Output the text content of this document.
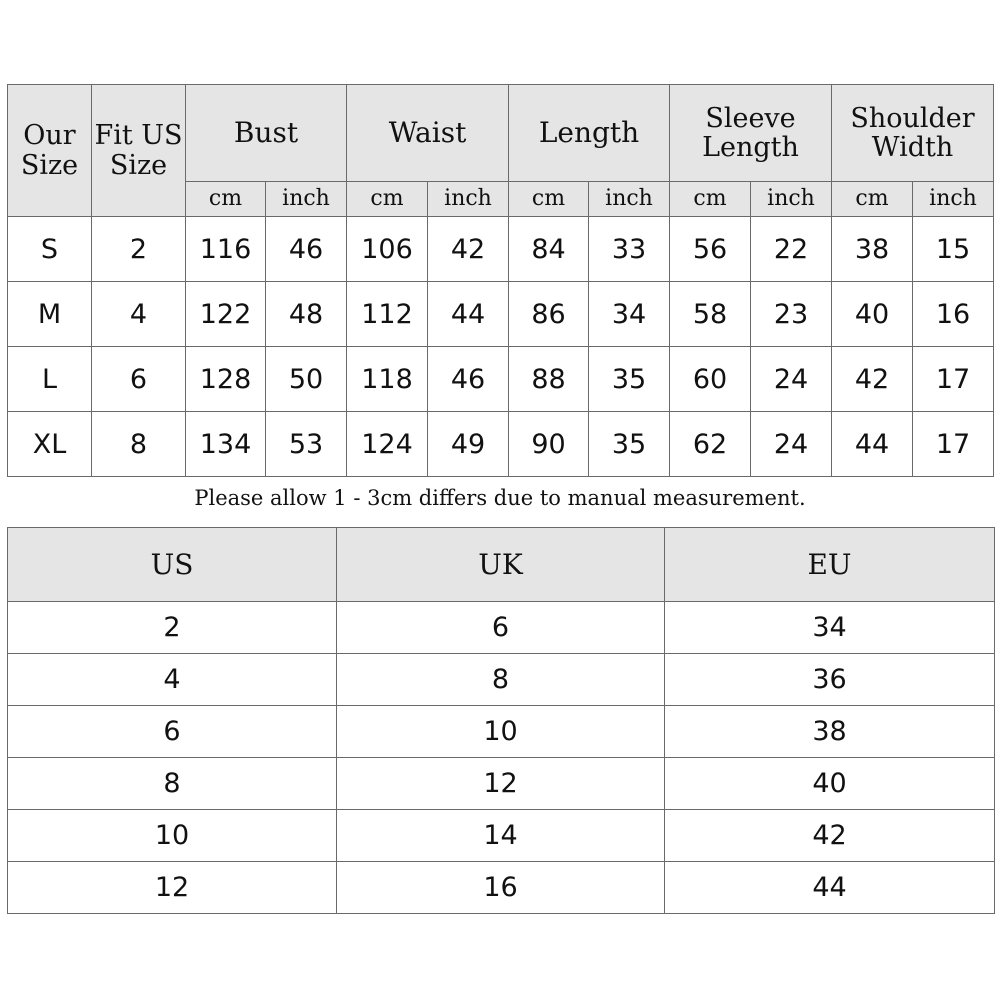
Our Size	Fit US Size	Bust		Waist		Length		Sleeve Length		Shoulder Width	

		cm	inch	cm	inch	cm	inch	cm	inch	cm	inch
S	2	116	46	106	42	84	33	56	22	38	15
M	4	122	48	112	44	86	34	58	23	40	16
L	6	128	50	118	46	88	35	60	24	42	17
XL	8	134	53	124	49	90	35	62	24	44	17
Please allow 1 - 3cm differs due to manual measurement.
US	UK	EU
2	6	34
4	8	36
6	10	38
8	12	40
10	14	42
12	16	44
